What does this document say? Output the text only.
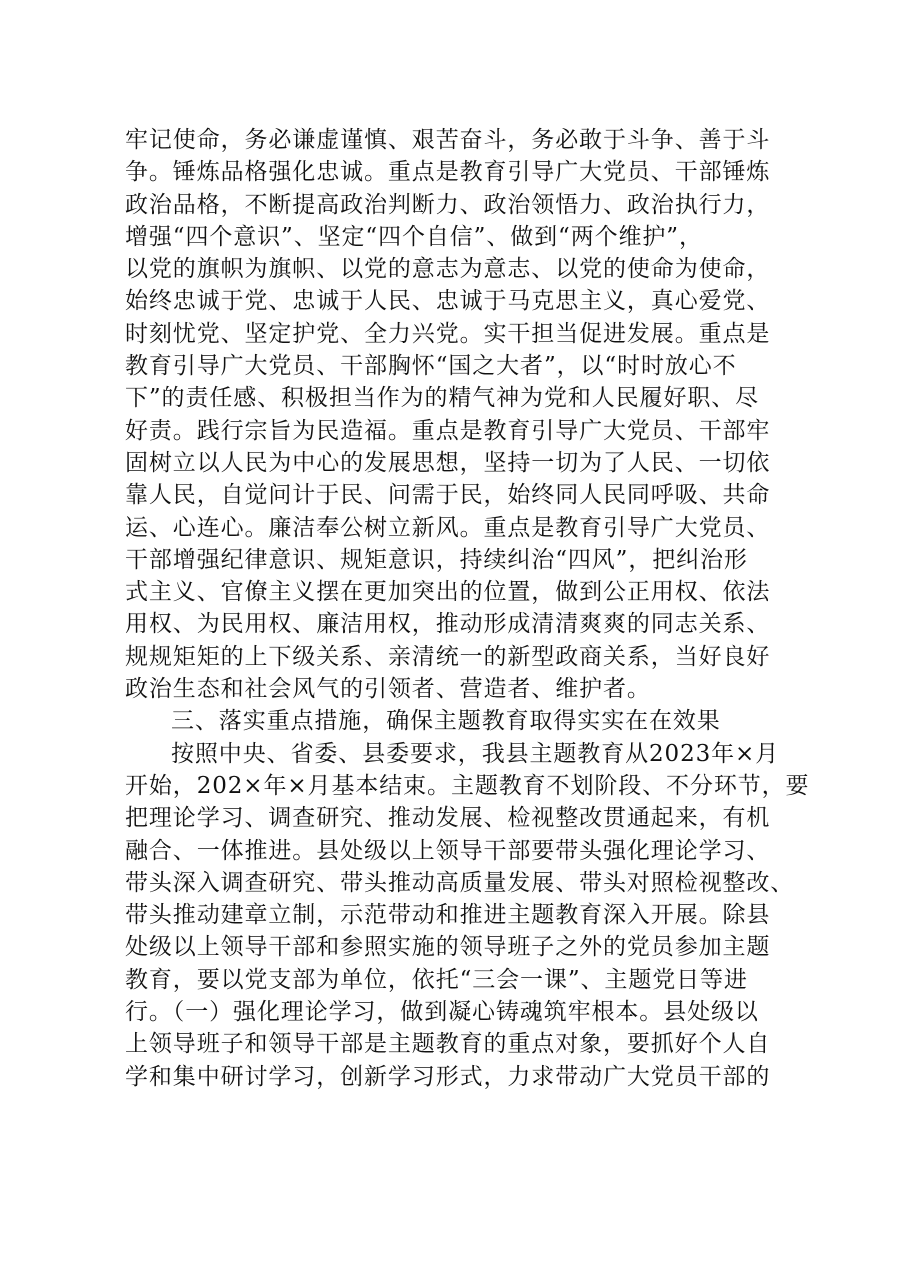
牢记使命，务必谦虚谨慎、艰苦奋斗，务必敢于斗争、善于斗
争。锤炼品格强化忠诚。重点是教育引导广大党员、干部锤炼
政治品格，不断提高政治判断力、政治领悟力、政治执行力，
增强“四个意识”、坚定“四个自信”、做到“两个维护”，
以党的旗帜为旗帜、以党的意志为意志、以党的使命为使命，
始终忠诚于党、忠诚于人民、忠诚于马克思主义，真心爱党、
时刻忧党、坚定护党、全力兴党。实干担当促进发展。重点是
教育引导广大党员、干部胸怀“国之大者”，以“时时放心不
下”的责任感、积极担当作为的精气神为党和人民履好职、尽
好责。践行宗旨为民造福。重点是教育引导广大党员、干部牢
固树立以人民为中心的发展思想，坚持一切为了人民、一切依
靠人民，自觉问计于民、问需于民，始终同人民同呼吸、共命
运、心连心。廉洁奉公树立新风。重点是教育引导广大党员、
干部增强纪律意识、规矩意识，持续纠治“四风”，把纠治形
式主义、官僚主义摆在更加突出的位置，做到公正用权、依法
用权、为民用权、廉洁用权，推动形成清清爽爽的同志关系、
规规矩矩的上下级关系、亲清统一的新型政商关系，当好良好
政治生态和社会风气的引领者、营造者、维护者。
三、落实重点措施，确保主题教育取得实实在在效果
按照中央、省委、县委要求，我县主题教育从2023年×月
开始，202×年×月基本结束。主题教育不划阶段、不分环节，要
把理论学习、调查研究、推动发展、检视整改贯通起来，有机
融合、一体推进。县处级以上领导干部要带头强化理论学习、
带头深入调查研究、带头推动高质量发展、带头对照检视整改、
带头推动建章立制，示范带动和推进主题教育深入开展。除县
处级以上领导干部和参照实施的领导班子之外的党员参加主题
教育，要以党支部为单位，依托“三会一课”、主题党日等进
行。（一）强化理论学习，做到凝心铸魂筑牢根本。县处级以
上领导班子和领导干部是主题教育的重点对象，要抓好个人自
学和集中研讨学习，创新学习形式，力求带动广大党员干部的
